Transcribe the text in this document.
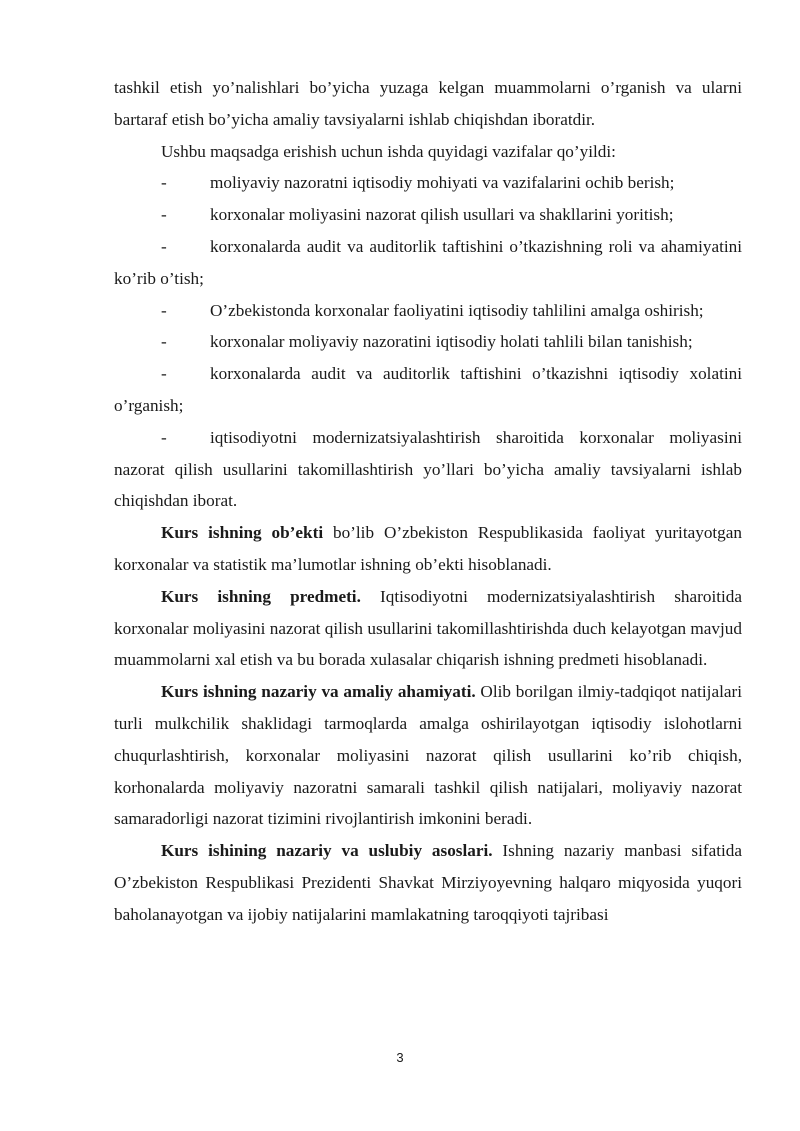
tashkil etish yo’nalishlari bo’yicha yuzaga kelgan muammolarni o’rganish va ularni bartaraf etish bo’yicha amaliy tavsiyalarni ishlab chiqishdan iboratdir.

Ushbu maqsadga erishish uchun ishda quyidagi vazifalar qo’yildi:

-	moliyaviy nazoratni iqtisodiy mohiyati va vazifalarini ochib berish;

-	korxonalar moliyasini nazorat qilish usullari va shakllarini yoritish;

-	korxonalarda audit va auditorlik taftishini o’tkazishning roli va ahamiyatini ko’rib o’tish;

-	O’zbekistonda korxonalar faoliyatini iqtisodiy tahlilini amalga oshirish;

-	korxonalar moliyaviy nazoratini iqtisodiy holati tahlili bilan tanishish;

-	korxonalarda audit va auditorlik taftishini o’tkazishni iqtisodiy xolatini o’rganish;

-	iqtisodiyotni modernizatsiyalashtirish sharoitida korxonalar moliyasini nazorat qilish usullarini takomillashtirish yo’llari bo’yicha amaliy tavsiyalarni ishlab chiqishdan iborat.

Kurs ishning ob’ekti bo’lib O’zbekiston Respublikasida faoliyat yuritayotgan korxonalar va statistik ma’lumotlar ishning ob’ekti hisoblanadi.

Kurs ishning predmeti. Iqtisodiyotni modernizatsiyalashtirish sharoitida korxonalar moliyasini nazorat qilish usullarini takomillashtirishda duch kelayotgan mavjud muammolarni xal etish va bu borada xulasalar chiqarish ishning predmeti hisoblanadi.

Kurs ishning nazariy va amaliy ahamiyati. Olib borilgan ilmiy-tadqiqot natijalari turli mulkchilik shaklidagi tarmoqlarda amalga oshirilayotgan iqtisodiy islohotlarni chuqurlashtirish, korxonalar moliyasini nazorat qilish usullarini ko’rib chiqish, korhonalarda moliyaviy nazoratni samarali tashkil qilish natijalari, moliyaviy nazorat samaradorligi nazorat tizimini rivojlantirish imkonini beradi.

Kurs ishining nazariy va uslubiy asoslari. Ishning nazariy manbasi sifatida O’zbekiston Respublikasi Prezidenti Shavkat Mirziyoyevning halqaro miqyosida yuqori baholanayotgan va ijobiy natijalarini mamlakatning taroqqiyoti tajribasi

3
